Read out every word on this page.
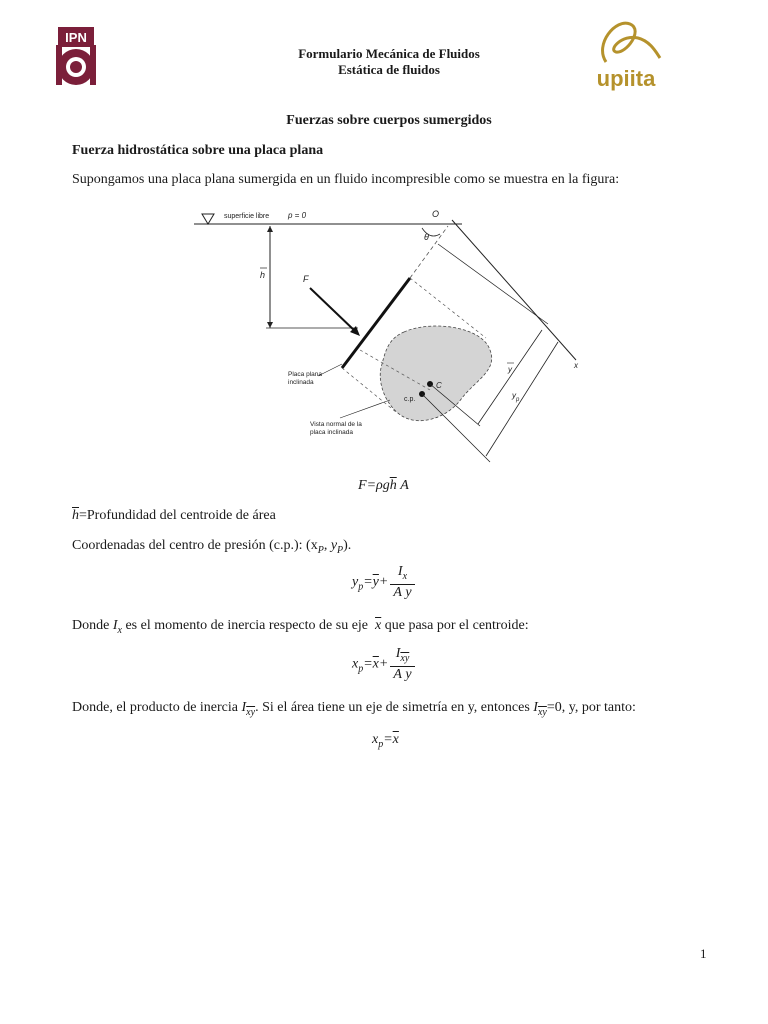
IPN
upiita
Formulario Mecánica de Fluidos
Estática de fluidos
Fuerzas sobre cuerpos sumergidos
Fuerza hidrostática sobre una placa plana
Supongamos una placa plana sumergida en un fluido incompresible como se muestra en la figura:
superficie libre p = 0	O
θ
h	F
C
c.p.
x
y
$y_p$
Placa plana
inclinada
Vista normal de la
placa inclinada
$F=\rho g\overline{h}$ A
$\overline{h}=Profundidad$ del centroide de área
Coordenadas del centro de presión (c.p.): ($x_P$, $y_P$).
$y_p=\overline{y}+ \frac{I_x}{A \overline{y}}$
Donde $I_x$ es el momento de inercia respecto de su eje  $\overline{x}$ que pasa por el centroide:
$x_p=\overline{x}+ \frac{I_{\overline{xy}}}{A \overline{y}}$
Donde, el producto de inercia $I_{\overline{xy}}$. Si el área tiene un eje de simetría en y, entonces $I_{\overline{xy}}=0$, y, por tanto:
$x_p=\overline{x}$
1
